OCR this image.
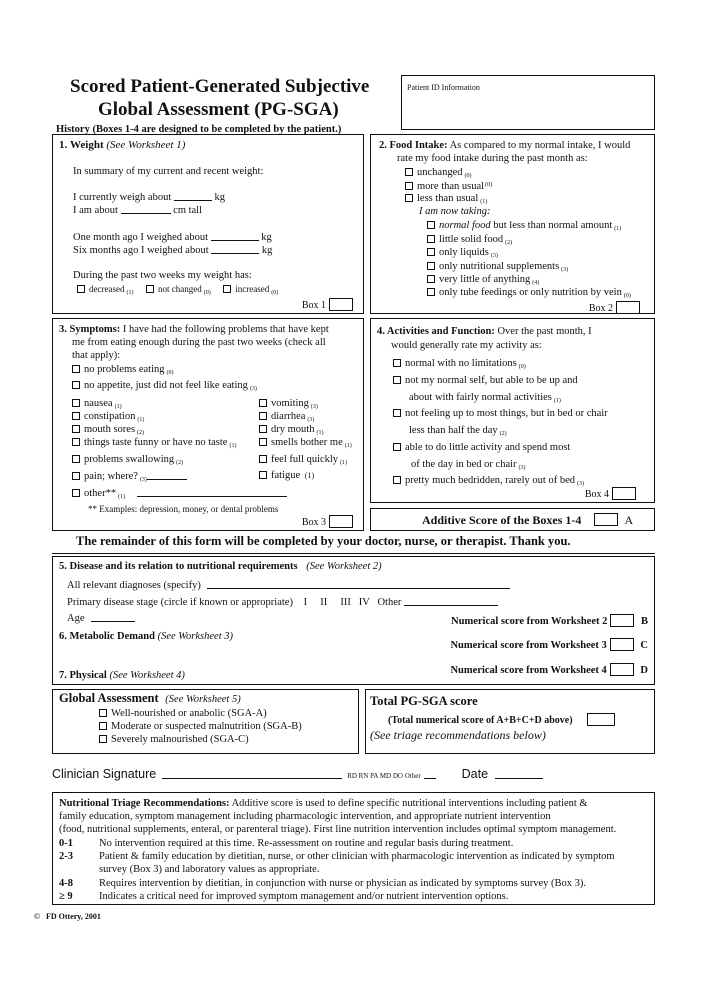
Scored Patient-Generated Subjective
Global Assessment (PG-SGA)
Patient ID Information
History (Boxes 1-4 are designed to be completed by the patient.)
1. Weight (See Worksheet 1)
In summary of my current and recent weight:
I currently weigh about	kg
I am about	cm tall
One month ago I weighed about	kg
Six months ago I weighed about	kg
During the past two weeks my weight has:
decreased $_{(1)}$	not changed $_{(0)}$	increased $_{(0)}$
Box 1
2. Food Intake: As compared to my normal intake, I would
rate my food intake during the past month as:
unchanged $_{(0)}$
more than usual$^{(0)}$
less than usual $_{(1)}$
I am now taking:
normal food but less than normal amount $_{(1)}$
little solid food $_{(2)}$
only liquids $_{(3)}$
only nutritional supplements $_{(3)}$
very little of anything $_{(4)}$
only tube feedings or only nutrition by vein $_{(0)}$
Box 2
3. Symptoms: I have had the following problems that have kept
me from eating enough during the past two weeks (check all
that apply):
no problems eating $_{(0)}$
no appetite, just did not feel like eating $_{(3)}$
nausea $_{(1)}$	vomiting $_{(3)}$
constipation $_{(1)}$	diarrhea $_{(3)}$
mouth sores $_{(2)}$	dry mouth $_{(1)}$
things taste funny or have no taste $_{(1)}$	smells bother me $_{(1)}$
problems swallowing $_{(2)}$	feel full quickly $_{(1)}$
pain; where? $_{(3)}$	fatigue (1)
other** $_{(1)}$
** Examples: depression, money, or dental problems
Box 3
4. Activities and Function: Over the past month, I
would generally rate my activity as:
normal with no limitations $_{(0)}$
not my normal self, but able to be up and
about with fairly normal activities $_{(1)}$
not feeling up to most things, but in bed or chair
less than half the day $_{(2)}$
able to do little activity and spend most
of the day in bed or chair $_{(3)}$
pretty much bedridden, rarely out of bed $_{(3)}$
Box 4
Additive Score of the Boxes 1-4	A
The remainder of this form will be completed by your doctor, nurse, or therapist. Thank you.
5. Disease and its relation to nutritional requirements (See Worksheet 2)
All relevant diagnoses (specify)
Primary disease stage (circle if known or appropriate) I     II     III   IV   Other
Age	Numerical score from Worksheet 2	B
6. Metabolic Demand (See Worksheet 3)
Numerical score from Worksheet 3	C
7. Physical (See Worksheet 4)	Numerical score from Worksheet 4	D
Global Assessment (See Worksheet 5)
Well-nourished or anabolic (SGA-A)
Moderate or suspected malnutrition (SGA-B)
Severely malnourished (SGA-C)
Total PG-SGA score
(Total numerical score of A+B+C+D above)
(See triage recommendations below)
Clinician Signature	RD RN PA MD DO Other	Date
Nutritional Triage Recommendations: Additive score is used to define specific nutritional interventions including patient &
family education, symptom management including pharmacologic intervention, and appropriate nutrient intervention
(food, nutritional supplements, enteral, or parenteral triage). First line nutrition intervention includes optimal symptom management.
0-1 No intervention required at this time. Re-assessment on routine and regular basis during treatment.
2-3 Patient & family education by dietitian, nurse, or other clinician with pharmacologic intervention as indicated by symptom
survey (Box 3) and laboratory values as appropriate.
4-8 Requires intervention by dietitian, in conjunction with nurse or physician as indicated by symptoms survey (Box 3).
≥ 9	Indicates a critical need for improved symptom management and/or nutrient intervention options.
©   FD Ottery, 2001
